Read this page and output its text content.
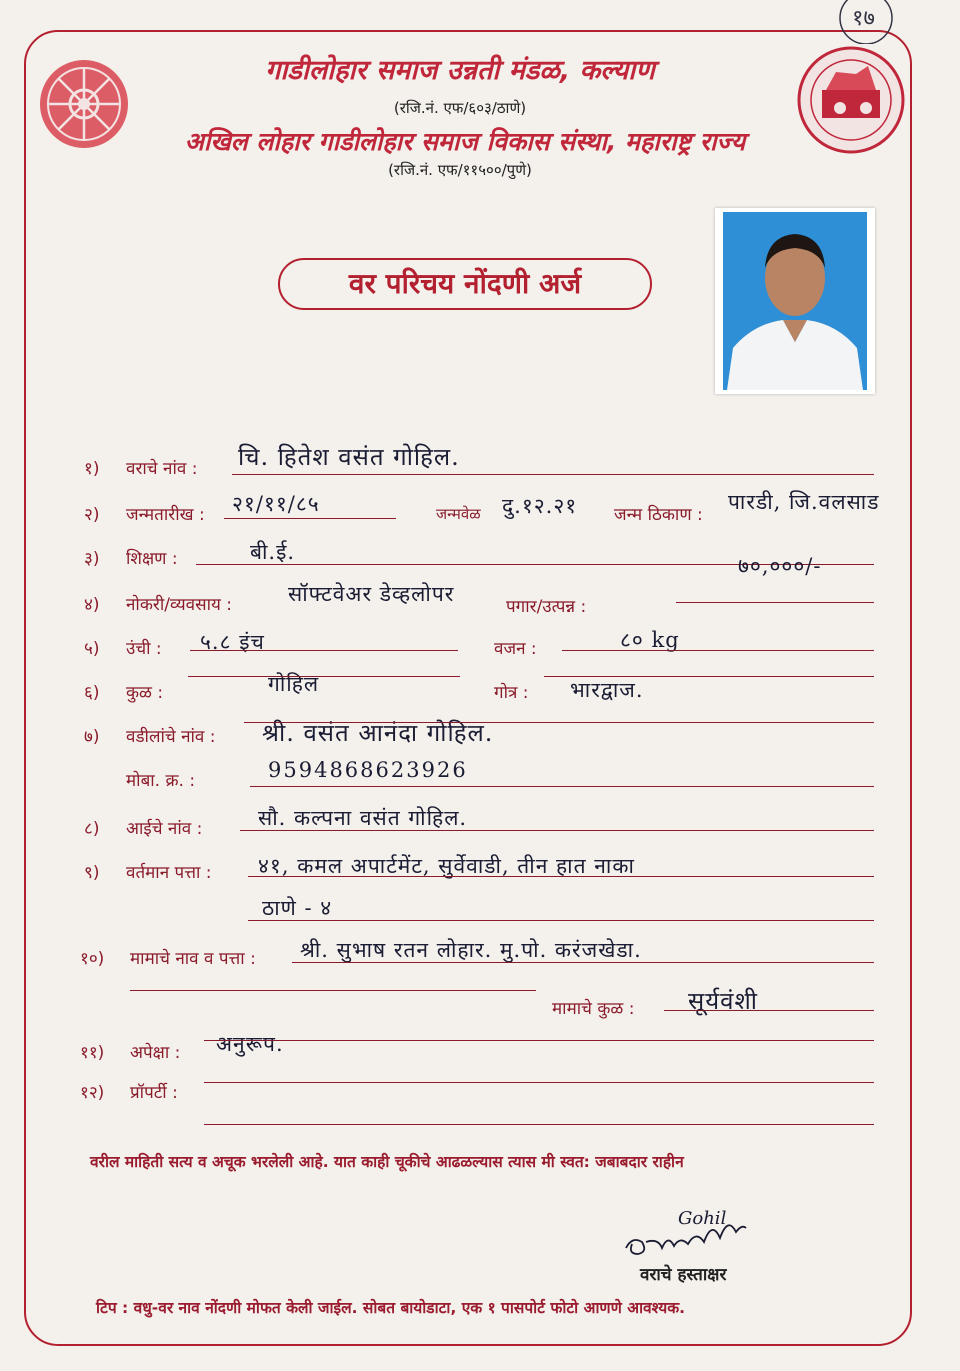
१७
गाडीलोहार समाज उन्नती मंडळ, कल्याण
(रजि.नं. एफ/६०३/ठाणे)
अखिल लोहार गाडीलोहार समाज विकास संस्था, महाराष्ट्र राज्य
(रजि.नं. एफ/११५००/पुणे)
वर परिचय नोंदणी अर्ज
१) वराचे नांव : चि. हितेश वसंत गोहिल.
२) जन्मतारीख : २१/११/८५	जन्मवेळ दु.१२.२१ जन्म ठिकाण :
पारडी, जि.वलसाड
३) शिक्षण :	बी.ई.
४) नोकरी/व्यवसाय :	सॉफ्टवेअर डेव्हलोपर
पगार/उत्पन्न :
७०,०००/-
५) उंची : ५.८ इंच	वजन :	८० kg
६) कुळ :	गोहिल	गोत्र : भारद्वाज.
७) वडीलांचे नांव : श्री. वसंत आनंदा गोहिल.
मोबा. क्र. :	9594868623926
८) आईचे नांव :	सौ. कल्पना वसंत गोहिल.
९) वर्तमान पत्ता : ४१, कमल अपार्टमेंट, सुर्वेवाडी, तीन हात नाका
ठाणे - ४
१०) मामाचे नाव व पत्ता : श्री. सुभाष रतन लोहार. मु.पो. करंजखेडा.
मामाचे कुळ : सूर्यवंशी
११) अपेक्षा : अनुरूप.
१२) प्रॉपर्टी :
वरील माहिती सत्य व अचूक भरलेली आहे. यात काही चूकीचे आढळल्यास त्यास मी स्वत: जबाबदार राहीन
Gohil
वराचे हस्ताक्षर
टिप : वधु-वर नाव नोंदणी मोफत केली जाईल. सोबत बायोडाटा, एक १ पासपोर्ट फोटो आणणे आवश्यक.
